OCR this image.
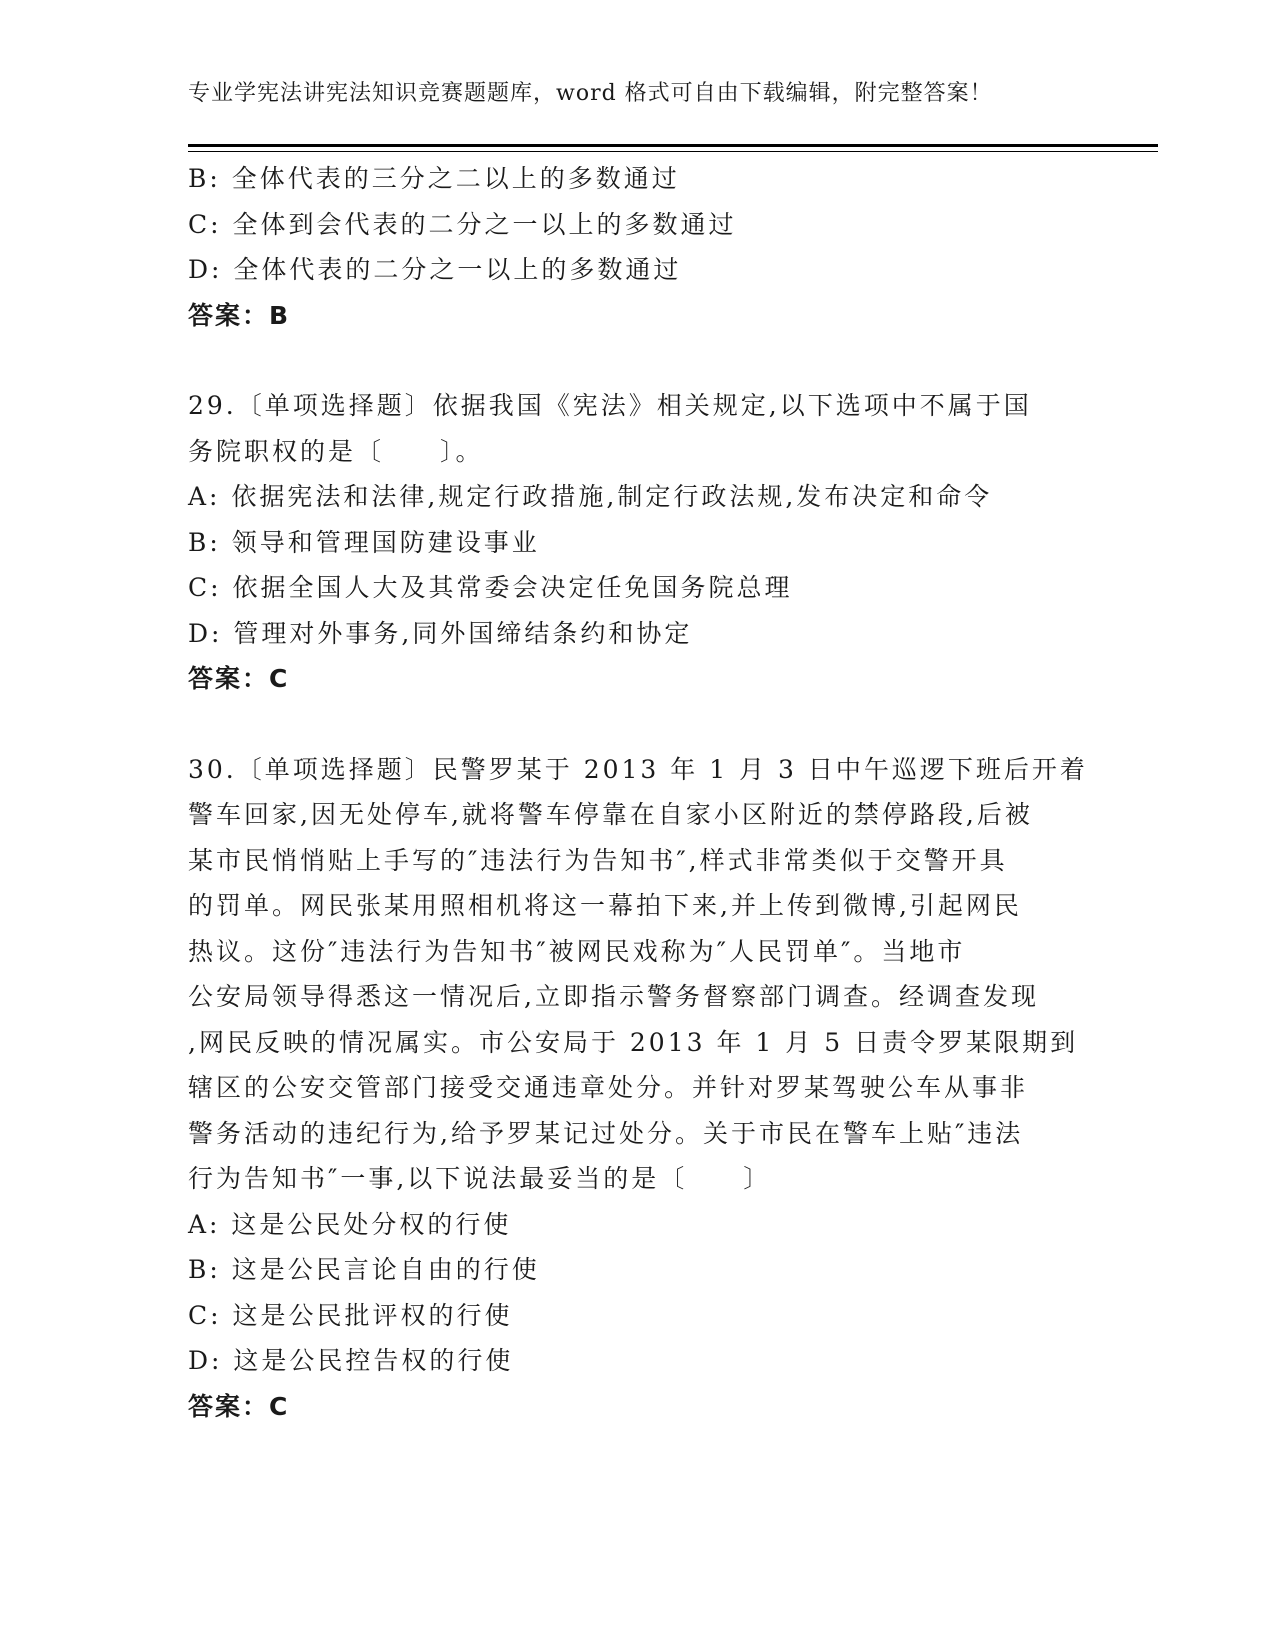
专业学宪法讲宪法知识竞赛题题库，word 格式可自由下载编辑，附完整答案！
B: 全体代表的三分之二以上的多数通过
C: 全体到会代表的二分之一以上的多数通过
D: 全体代表的二分之一以上的多数通过
答案：B
29.〔单项选择题〕依据我国《宪法》相关规定,以下选项中不属于国
务院职权的是〔　　〕。
A: 依据宪法和法律,规定行政措施,制定行政法规,发布决定和命令
B: 领导和管理国防建设事业
C: 依据全国人大及其常委会决定任免国务院总理
D: 管理对外事务,同外国缔结条约和协定
答案：C
30.〔单项选择题〕民警罗某于 2013 年 1 月 3 日中午巡逻下班后开着
警车回家,因无处停车,就将警车停靠在自家小区附近的禁停路段,后被
某市民悄悄贴上手写的″违法行为告知书″,样式非常类似于交警开具
的罚单。网民张某用照相机将这一幕拍下来,并上传到微博,引起网民
热议。这份″违法行为告知书″被网民戏称为″人民罚单″。当地市
公安局领导得悉这一情况后,立即指示警务督察部门调查。经调查发现
,网民反映的情况属实。市公安局于 2013 年 1 月 5 日责令罗某限期到
辖区的公安交管部门接受交通违章处分。并针对罗某驾驶公车从事非
警务活动的违纪行为,给予罗某记过处分。关于市民在警车上贴″违法
行为告知书″一事,以下说法最妥当的是〔　　〕
A: 这是公民处分权的行使
B: 这是公民言论自由的行使
C: 这是公民批评权的行使
D: 这是公民控告权的行使
答案：C
